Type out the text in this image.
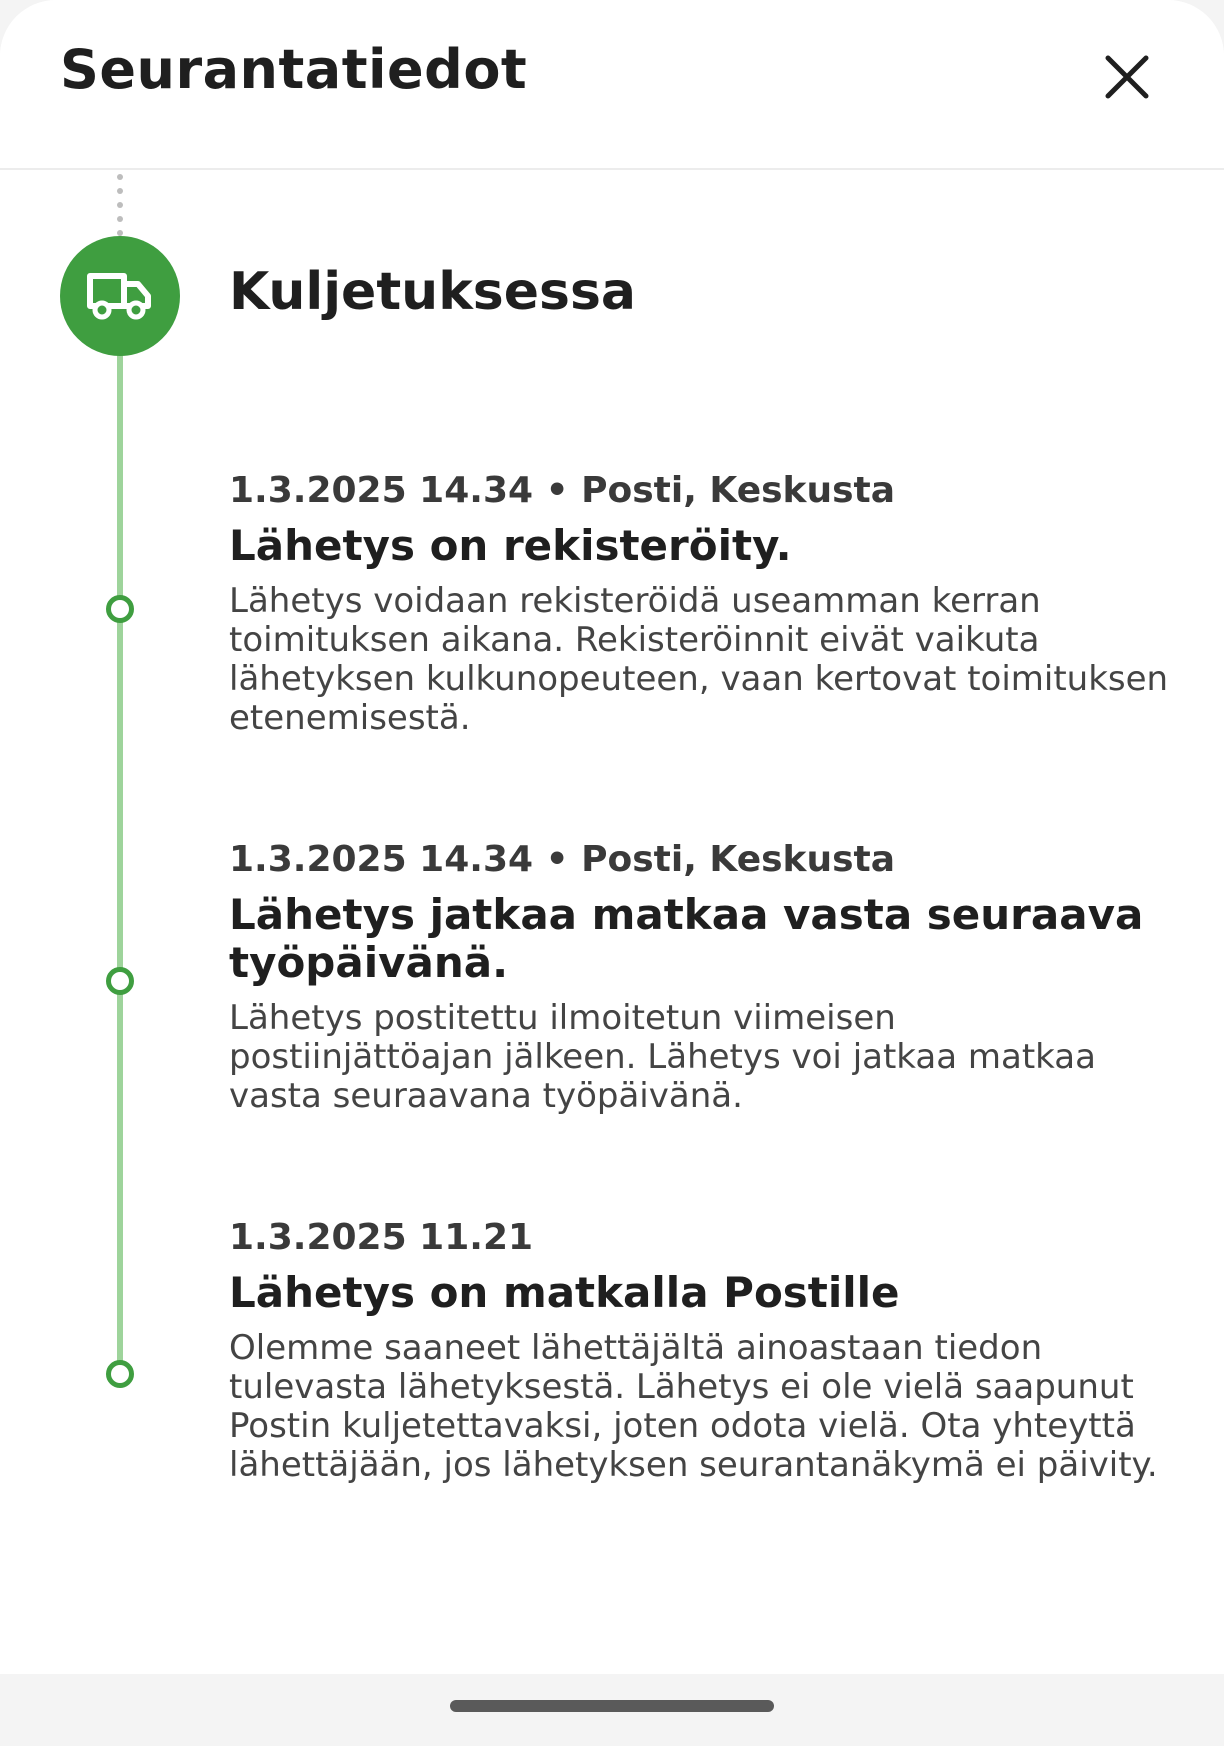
Seurantatiedot
Kuljetuksessa
1.3.2025 14.34 • Posti, Keskusta
Lähetys on rekisteröity.
Lähetys voidaan rekisteröidä useamman kerran toimituksen aikana. Rekisteröinnit eivät vaikuta lähetyksen kulkunopeuteen, vaan kertovat toimituksen etenemisestä.
1.3.2025 14.34 • Posti, Keskusta
Lähetys jatkaa matkaa vasta seuraava työpäivänä.
Lähetys postitettu ilmoitetun viimeisen postiinjättöajan jälkeen. Lähetys voi jatkaa matkaa vasta seuraavana työpäivänä.
1.3.2025 11.21
Lähetys on matkalla Postille
Olemme saaneet lähettäjältä ainoastaan tiedon tulevasta lähetyksestä. Lähetys ei ole vielä saapunut Postin kuljetettavaksi, joten odota vielä. Ota yhteyttä lähettäjään, jos lähetyksen seurantanäkymä ei päivity.
